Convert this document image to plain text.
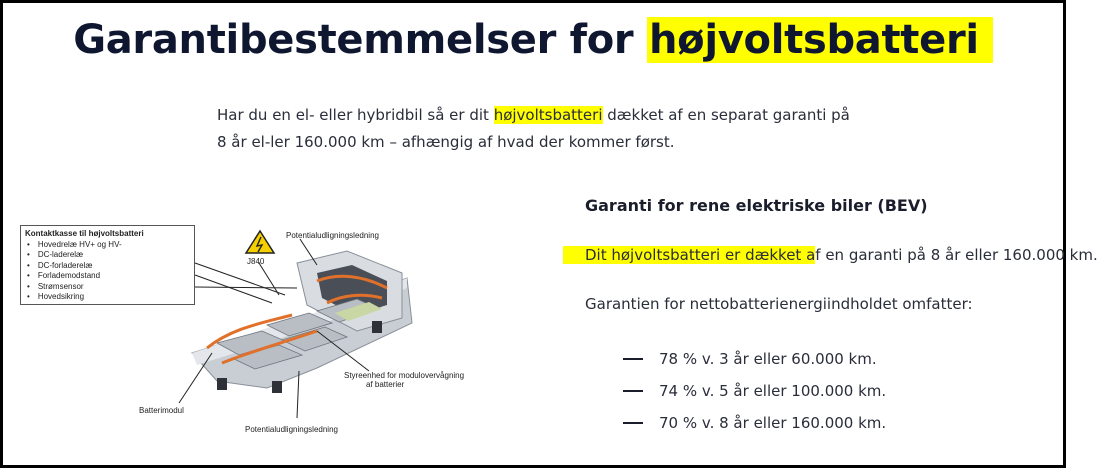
Garantibestemmelser for højvoltsbatteri

Har du en el- eller hybridbil så er dit højvoltsbatteri dækket af en separat garanti på 8 år el-ler 160.000 km – afhængig af hvad der kommer først.

Garanti for rene elektriske biler (BEV)
Dit højvoltsbatteri er dækket af en garanti på 8 år eller 160.000 km.
Garantien for nettobatterienergiindholdet omfatter:
78 % v. 3 år eller 60.000 km.
74 % v. 5 år eller 100.000 km.
70 % v. 8 år eller 160.000 km.
Kontaktkasse til højvoltsbatteri
• Hovedrelæ HV+ og HV-
• DC-laderelæ
• DC-forladerelæ
• Forlademodstand
• Strømsensor
• Hovedsikring
J840
Potentialudligningsledning
Batterimodul
Potentialudligningsledning
Styreenhed for modulovervågning
af batterier
